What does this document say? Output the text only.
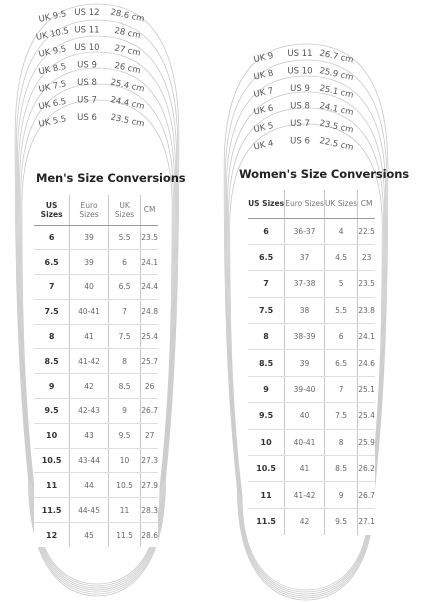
UK 9.5 US 12 28.6 cm
UK 10.5 US 11 28 cm
UK 9.5 US 10 27 cm
UK 8.5 US 9 26 cm
UK 7.5 US 8 25.4 cm
UK 6.5 US 7 24.4 cm
UK 5.5 US 6 23.5 cm
UK 9 US 11 26.7 cm
UK 8 US 10 25.9 cm
UK 7 US 9 25.1 cm
UK 6 US 8 24.1 cm
UK 5 US 7 23.5 cm
UK 4 US 6 22.5 cm
Men's Size Conversions	Women's Size Conversions
US Sizes	Euro Sizes	UK Sizes	CM
6	39	5.5	23.5
6.5	39	6	24.1
7	40	6.5	24.4
7.5	40-41	7	24.8
8	41	7.5	25.4
8.5	41-42	8	25.7
9	42	8.5	26
9.5	42-43	9	26.7
10	43	9.5	27
10.5	43-44	10	27.3
11	44	10.5	27.9
11.5	44-45	11	28.3
12	45	11.5	28.6
US Sizes	Euro Sizes	UK Sizes	CM
6	36-37	4	22.5
6.5	37	4.5	23
7	37-38	5	23.5
7.5	38	5.5	23.8
8	38-39	6	24.1
8.5	39	6.5	24.6
9	39-40	7	25.1
9.5	40	7.5	25.4
10	40-41	8	25.9
10.5	41	8.5	26.2
11	41-42	9	26.7
11.5	42	9.5	27.1
